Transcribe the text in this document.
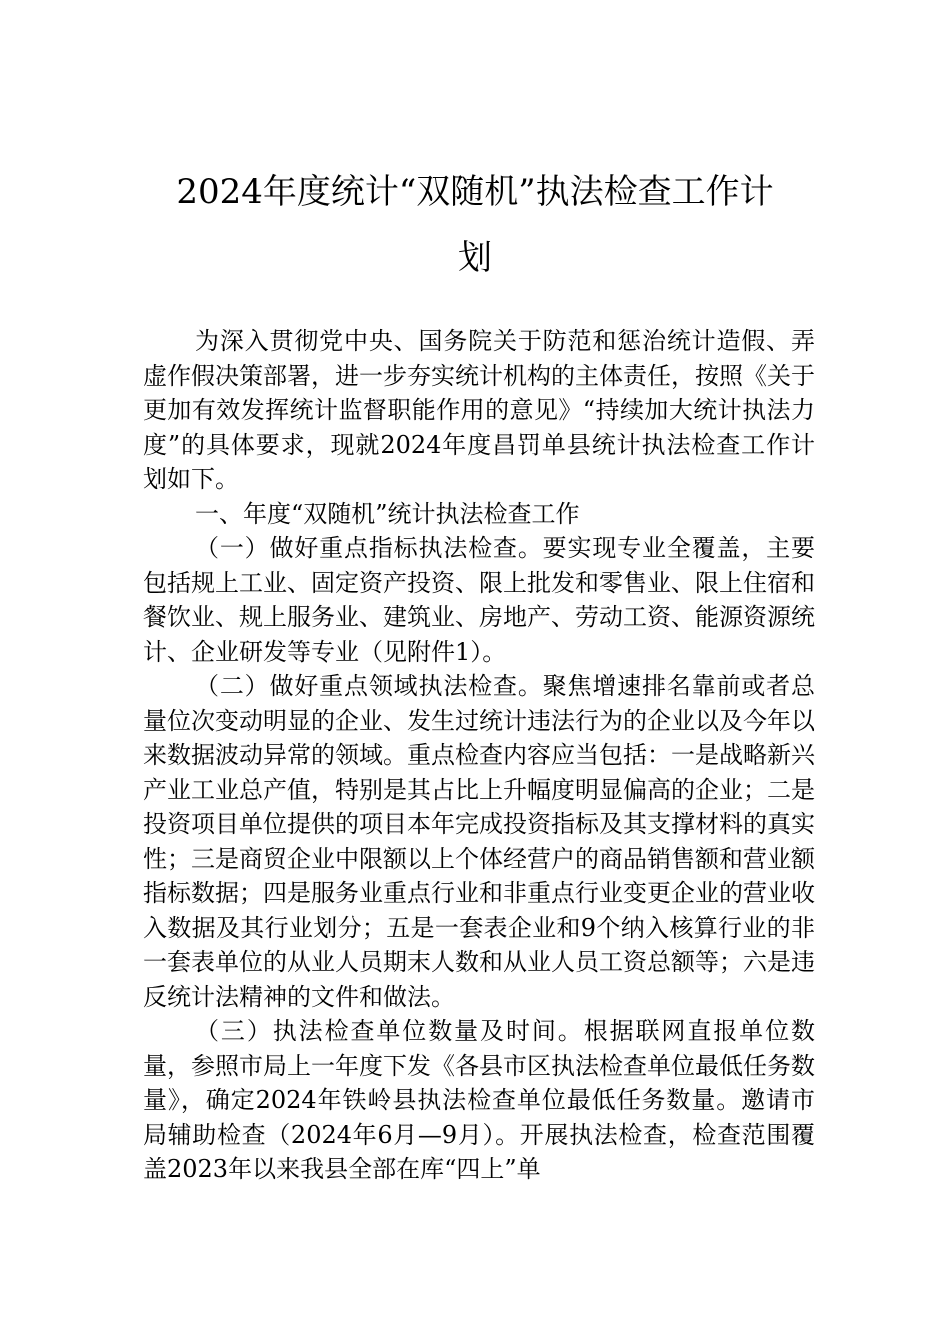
2024年度统计“双随机”执法检查工作计
划

为深入贯彻党中央、国务院关于防范和惩治统计造假、弄虚作假决策部署，进一步夯实统计机构的主体责任，按照《关于更加有效发挥统计监督职能作用的意见》“持续加大统计执法力度”的具体要求，现就2024年度昌罚单县统计执法检查工作计划如下。

一、年度“双随机”统计执法检查工作

（一）做好重点指标执法检查。要实现专业全覆盖，主要包括规上工业、固定资产投资、限上批发和零售业、限上住宿和餐饮业、规上服务业、建筑业、房地产、劳动工资、能源资源统计、企业研发等专业（见附件1）。

（二）做好重点领域执法检查。聚焦增速排名靠前或者总量位次变动明显的企业、发生过统计违法行为的企业以及今年以来数据波动异常的领域。重点检查内容应当包括：一是战略新兴产业工业总产值，特别是其占比上升幅度明显偏高的企业；二是投资项目单位提供的项目本年完成投资指标及其支撑材料的真实性；三是商贸企业中限额以上个体经营户的商品销售额和营业额指标数据；四是服务业重点行业和非重点行业变更企业的营业收入数据及其行业划分；五是一套表企业和9个纳入核算行业的非一套表单位的从业人员期末人数和从业人员工资总额等；六是违反统计法精神的文件和做法。

（三）执法检查单位数量及时间。根据联网直报单位数量，参照市局上一年度下发《各县市区执法检查单位最低任务数量》，确定2024年铁岭县执法检查单位最低任务数量。邀请市局辅助检查（2024年6月—9月）。开展执法检查，检查范围覆盖2023年以来我县全部在库“四上”单
